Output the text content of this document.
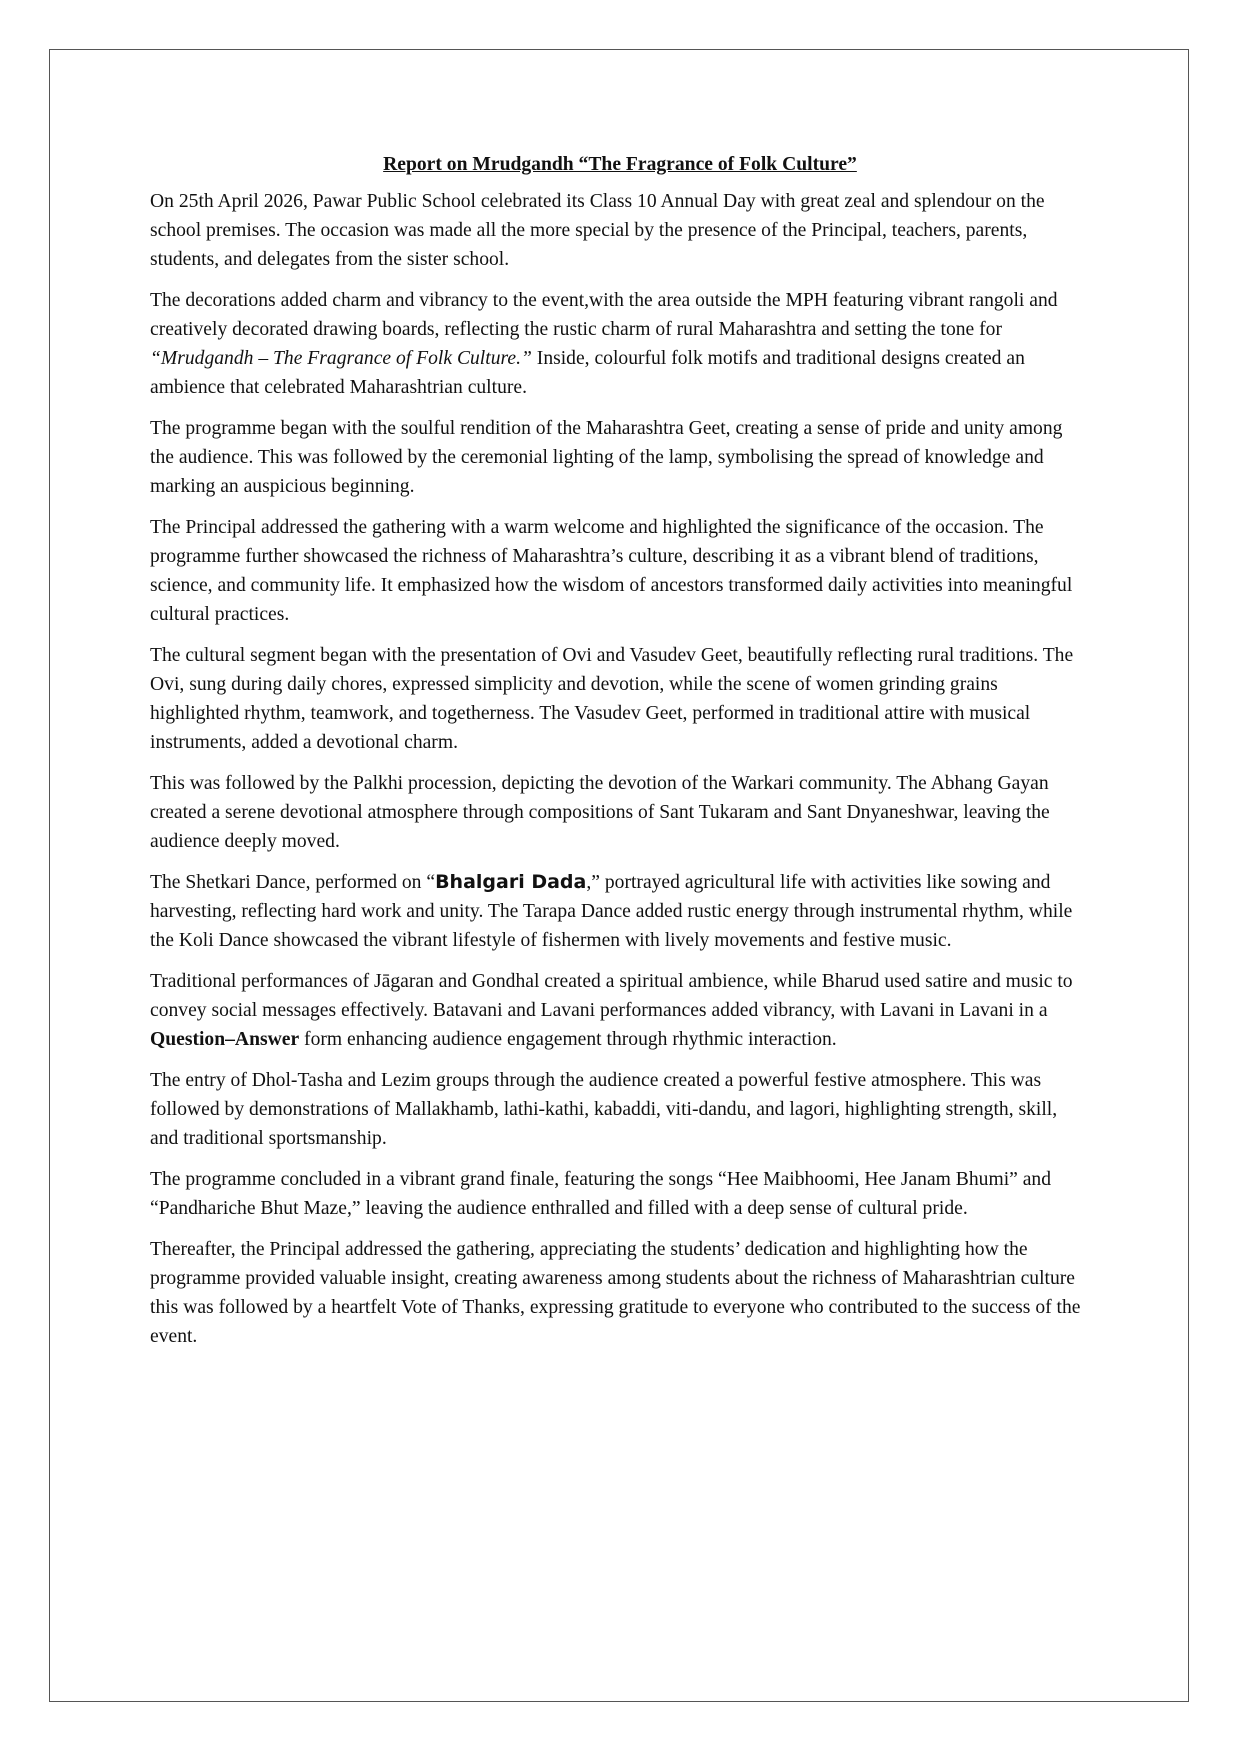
Report on Mrudgandh “The Fragrance of Folk Culture”

On 25th April 2026, Pawar Public School celebrated its Class 10 Annual Day with great zeal and splendour on the school premises. The occasion was made all the more special by the presence of the Principal, teachers, parents, students, and delegates from the sister school.

The decorations added charm and vibrancy to the event,with the area outside the MPH featuring vibrant rangoli and creatively decorated drawing boards, reflecting the rustic charm of rural Maharashtra and setting the tone for “Mrudgandh – The Fragrance of Folk Culture.” Inside, colourful folk motifs and traditional designs created an ambience that celebrated Maharashtrian culture.

The programme began with the soulful rendition of the Maharashtra Geet, creating a sense of pride and unity among the audience. This was followed by the ceremonial lighting of the lamp, symbolising the spread of knowledge and marking an auspicious beginning.

The Principal addressed the gathering with a warm welcome and highlighted the significance of the occasion. The programme further showcased the richness of Maharashtra’s culture, describing it as a vibrant blend of traditions, science, and community life. It emphasized how the wisdom of ancestors transformed daily activities into meaningful cultural practices.

The cultural segment began with the presentation of Ovi and Vasudev Geet, beautifully reflecting rural traditions. The Ovi, sung during daily chores, expressed simplicity and devotion, while the scene of women grinding grains highlighted rhythm, teamwork, and togetherness. The Vasudev Geet, performed in traditional attire with musical instruments, added a devotional charm.

This was followed by the Palkhi procession, depicting the devotion of the Warkari community. The Abhang Gayan created a serene devotional atmosphere through compositions of Sant Tukaram and Sant Dnyaneshwar, leaving the audience deeply moved.

The Shetkari Dance, performed on “Bhalgari Dada,” portrayed agricultural life with activities like sowing and harvesting, reflecting hard work and unity. The Tarapa Dance added rustic energy through instrumental rhythm, while the Koli Dance showcased the vibrant lifestyle of fishermen with lively movements and festive music.

Traditional performances of Jāgaran and Gondhal created a spiritual ambience, while Bharud used satire and music to convey social messages effectively. Batavani and Lavani performances added vibrancy, with Lavani in Lavani in a Question–Answer form enhancing audience engagement through rhythmic interaction.

The entry of Dhol-Tasha and Lezim groups through the audience created a powerful festive atmosphere. This was followed by demonstrations of Mallakhamb, lathi-kathi, kabaddi, viti-dandu, and lagori, highlighting strength, skill, and traditional sportsmanship.

The programme concluded in a vibrant grand finale, featuring the songs “Hee Maibhoomi, Hee Janam Bhumi” and “Pandhariche Bhut Maze,” leaving the audience enthralled and filled with a deep sense of cultural pride.

Thereafter, the Principal addressed the gathering, appreciating the students’ dedication and highlighting how the programme provided valuable insight, creating awareness among students about the richness of Maharashtrian culture this was followed by a heartfelt Vote of Thanks, expressing gratitude to everyone who contributed to the success of the event.
